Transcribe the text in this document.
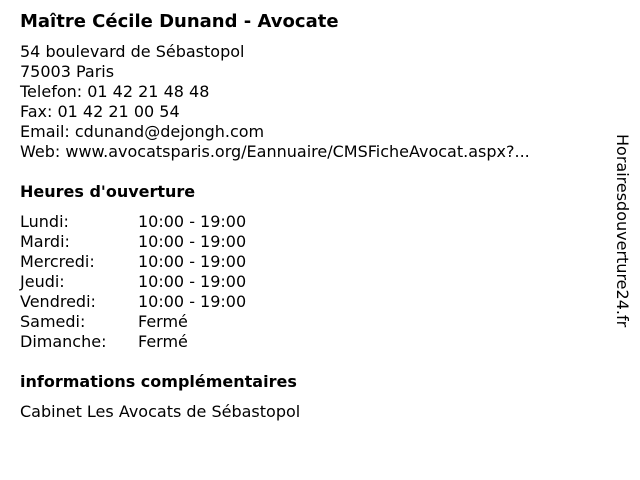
Maître Cécile Dunand - Avocate
54 boulevard de Sébastopol
75003 Paris
Telefon: 01 42 21 48 48
Fax: 01 42 21 00 54
Email: cdunand@dejongh.com
Web: www.avocatsparis.org/Eannuaire/CMSFicheAvocat.aspx?...
Heures d'ouverture
Lundi:	10:00 - 19:00
Mardi:	10:00 - 19:00
Mercredi:	10:00 - 19:00
Jeudi:	10:00 - 19:00
Vendredi:	10:00 - 19:00
Samedi:	Fermé
Dimanche:	Fermé
informations complémentaires
Cabinet Les Avocats de Sébastopol
Horairesdouverture24.fr
